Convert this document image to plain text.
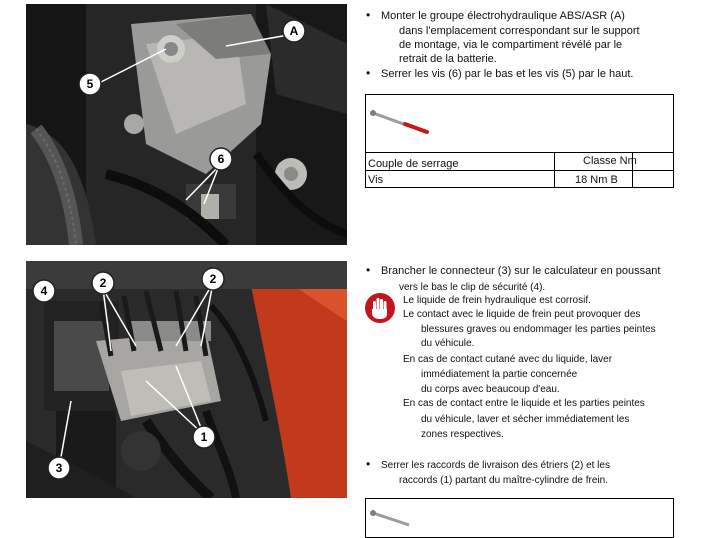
A
5
6
• Monter le groupe électrohydraulique ABS/ASR (A)
dans l'emplacement correspondant sur le support
de montage, via le compartiment révélé par le
retrait de la batterie.
• Serrer les vis (6) par le bas et les vis (5) par le haut.
Couple de serrage	Classe Nm
Vis	18 Nm B
4
2	2
1
3
• Brancher le connecteur (3) sur le calculateur en poussant
vers le bas le clip de sécurité (4).
Le liquide de frein hydraulique est corrosif.
Le contact avec le liquide de frein peut provoquer des
blessures graves ou endommager les parties peintes
du véhicule.
En cas de contact cutané avec du liquide, laver
immédiatement la partie concernée
du corps avec beaucoup d'eau.
En cas de contact entre le liquide et les parties peintes
du véhicule, laver et sécher immédiatement les
zones respectives.
• Serrer les raccords de livraison des étriers (2) et les
raccords (1) partant du maître-cylindre de frein.
